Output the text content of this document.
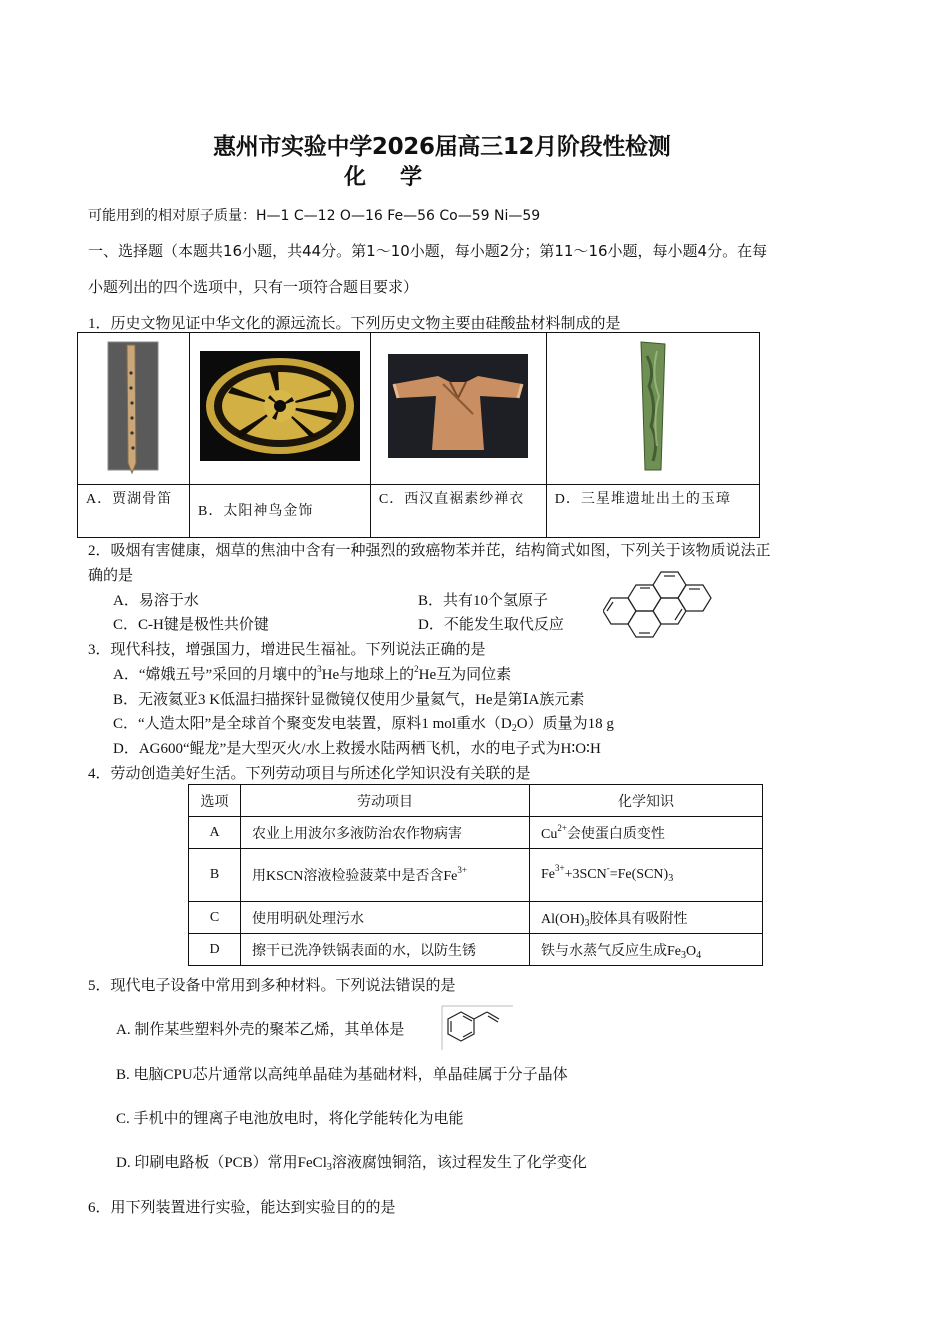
惠州市实验中学2026届高三12月阶段性检测
化学
可能用到的相对原子质量：H—1 C—12 O—16 Fe—56 Co—59 Ni—59
一、选择题（本题共16小题，共44分。第1～10小题，每小题2分；第11～16小题，每小题4分。在每
小题列出的四个选项中，只有一项符合题目要求）
1．历史文物见证中华文化的源远流长。下列历史文物主要由硅酸盐材料制成的是

A．贾湖骨笛	B．太阳神鸟金饰	C．西汉直裾素纱禅衣	D．三星堆遗址出土的玉璋
2．吸烟有害健康，烟草的焦油中含有一种强烈的致癌物苯并芘，结构简式如图，下列关于该物质说法正
确的是
A．易溶于水	B．共有10个氢原子
C．C-H键是极性共价键	D．不能发生取代反应
3．现代科技，增强国力，增进民生福祉。下列说法正确的是
A．“嫦娥五号”采回的月壤中的$^3$He与地球上的$^2$He互为同位素
B．无液氦亚3 K低温扫描探针显微镜仅使用少量氦气，He是第ⅠA族元素
C．“人造太阳”是全球首个聚变发电装置，原料1 mol重水$(D_2O)$质量为18 g
D．AG600“鲲龙”是大型灭火/水上救援水陆两栖飞机，水的电子式为H∶O∶H
4．劳动创造美好生活。下列劳动项目与所述化学知识没有关联的是
选项	劳动项目	化学知识
A	农业上用波尔多液防治农作物病害	$Cu^{2+}$会使蛋白质变性
B	用KSCN溶液检验菠菜中是否含$Fe^{3+}$	$Fe^{3+}+3SCN^-=Fe(SCN)_3$
C	使用明矾处理污水	$Al(OH)_3$胶体具有吸附性
D	擦干已洗净铁锅表面的水，以防生锈	铁与水蒸气反应生成$Fe_3O_4$
5．现代电子设备中常用到多种材料。下列说法错误的是
A. 制作某些塑料外壳的聚苯乙烯，其单体是
B. 电脑CPU芯片通常以高纯单晶硅为基础材料，单晶硅属于分子晶体
C. 手机中的锂离子电池放电时，将化学能转化为电能
D. 印刷电路板（PCB）常用FeCl$_3$溶液腐蚀铜箔，该过程发生了化学变化
6．用下列装置进行实验，能达到实验目的的是
